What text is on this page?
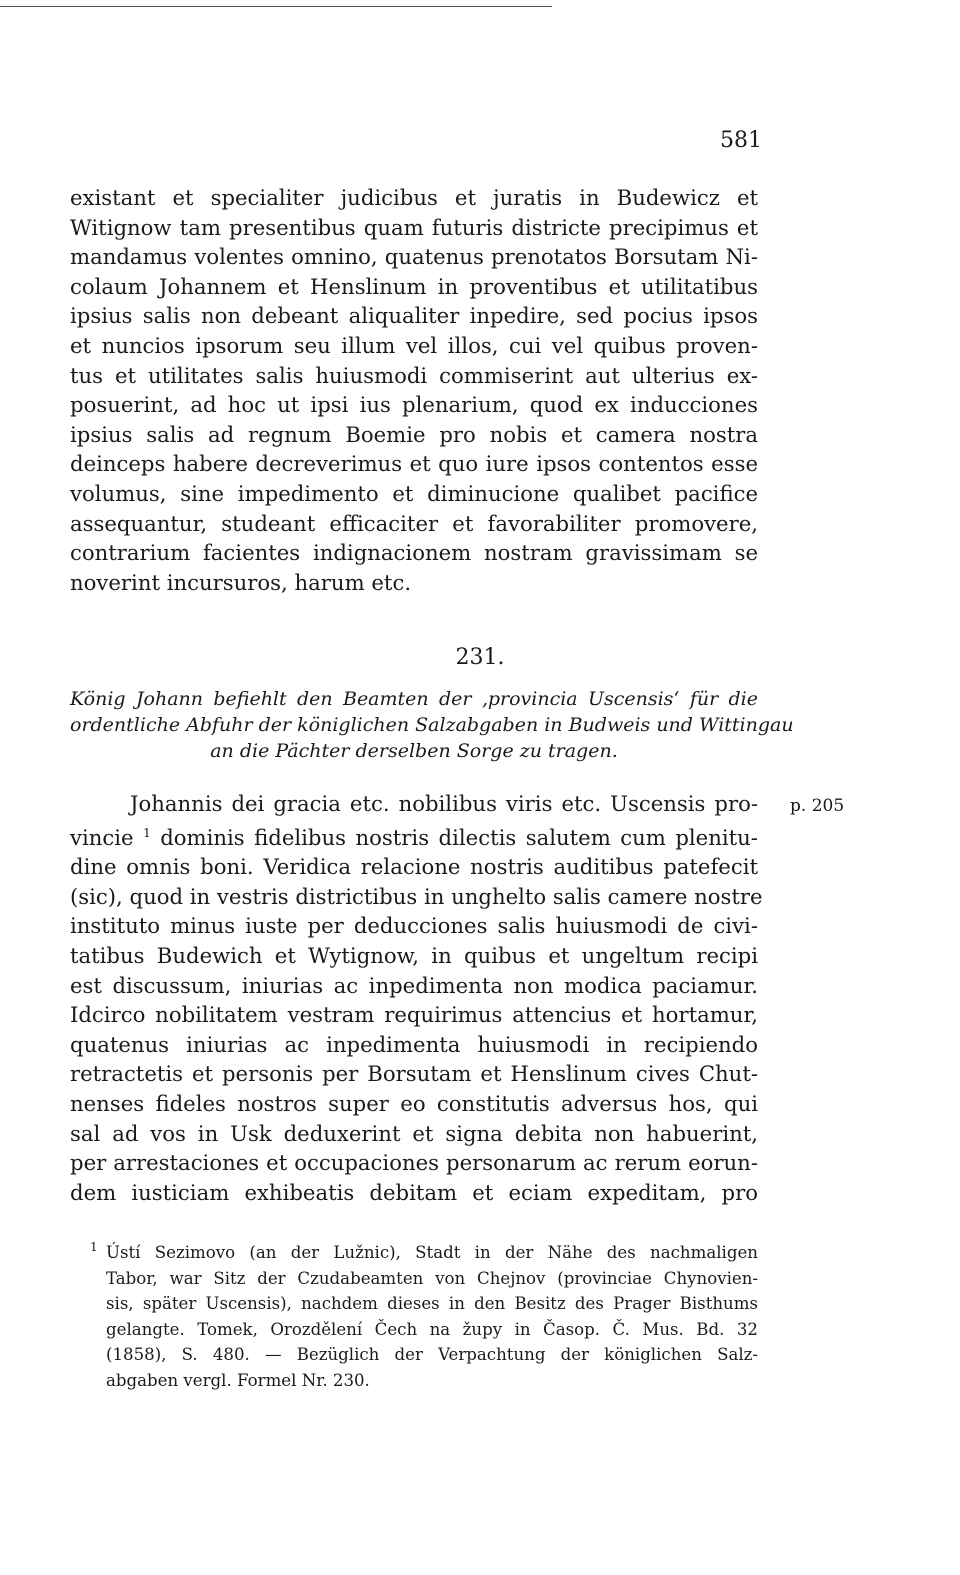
581
existant et specialiter judicibus et juratis in Budewicz et
Witignow tam presentibus quam futuris districte precipimus et
mandamus volentes omnino, quatenus prenotatos Borsutam Ni-
colaum Johannem et Henslinum in proventibus et utilitatibus
ipsius salis non debeant aliqualiter inpedire, sed pocius ipsos
et nuncios ipsorum seu illum vel illos, cui vel quibus proven-
tus et utilitates salis huiusmodi commiserint aut ulterius ex-
posuerint, ad hoc ut ipsi ius plenarium, quod ex inducciones
ipsius salis ad regnum Boemie pro nobis et camera nostra
deinceps habere decreverimus et quo iure ipsos contentos esse
volumus, sine impedimento et diminucione qualibet pacifice
assequantur, studeant efficaciter et favorabiliter promovere,
contrarium facientes indignacionem nostram gravissimam se
noverint incursuros, harum etc.
231.
König Johann befiehlt den Beamten der ‚provincia Uscensis‘ für die
ordentliche Abfuhr der königlichen Salzabgaben in Budweis und Wittingau
an die Pächter derselben Sorge zu tragen.
p. 205
Johannis dei gracia etc. nobilibus viris etc. Uscensis pro-
vincie $^1$ dominis fidelibus nostris dilectis salutem cum plenitu-
dine omnis boni. Veridica relacione nostris auditibus patefecit
(sic), quod in vestris districtibus in unghelto salis camere nostre
instituto minus iuste per deducciones salis huiusmodi de civi-
tatibus Budewich et Wytignow, in quibus et ungeltum recipi
est discussum, iniurias ac inpedimenta non modica paciamur.
Idcirco nobilitatem vestram requirimus attencius et hortamur,
quatenus iniurias ac inpedimenta huiusmodi in recipiendo
retractetis et personis per Borsutam et Henslinum cives Chut-
nenses fideles nostros super eo constitutis adversus hos, qui
sal ad vos in Usk deduxerint et signa debita non habuerint,
per arrestaciones et occupaciones personarum ac rerum eorun-
dem iusticiam exhibeatis debitam et eciam expeditam, pro
1 Ústí Sezimovo (an der Lužnic), Stadt in der Nähe des nachmaligen
Tabor, war Sitz der Czudabeamten von Chejnov (provinciae Chynovien-
sis, später Uscensis), nachdem dieses in den Besitz des Prager Bisthums
gelangte. Tomek, Orozdělení Čech na župy in Časop. Č. Mus. Bd. 32
(1858), S. 480. — Bezüglich der Verpachtung der königlichen Salz-
abgaben vergl. Formel Nr. 230.
